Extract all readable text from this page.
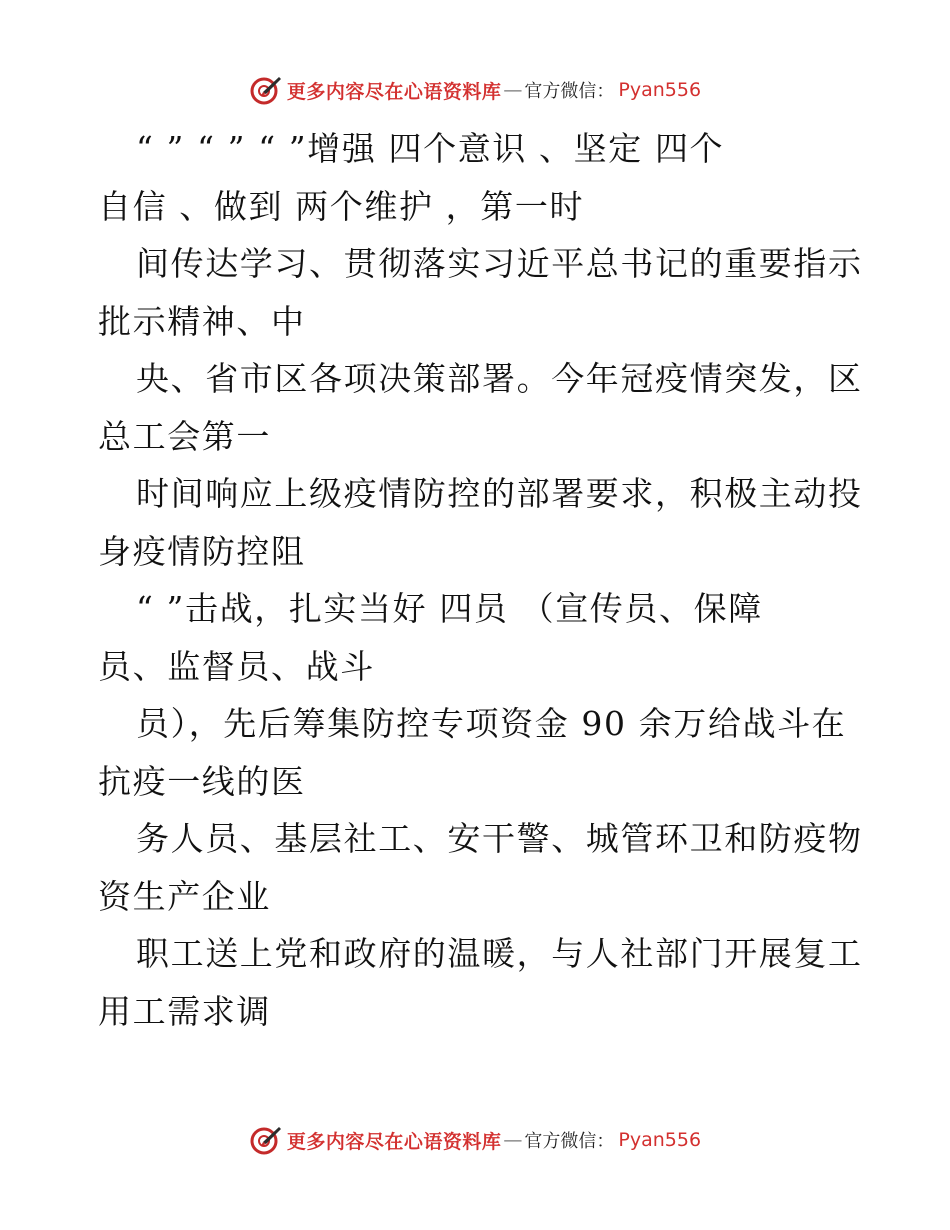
更多内容尽在心语资料库 — 官方微信： Pyan556
“ ” “ ” “ ”增强 四个意识 、坚定 四个
自信 、做到 两个维护 ，第一时
间传达学习、贯彻落实习近平总书记的重要指示
批示精神、中
央、省市区各项决策部署。今年冠疫情突发，区
总工会第一
时间响应上级疫情防控的部署要求，积极主动投
身疫情防控阻
“ ”击战，扎实当好 四员 （宣传员、保障
员、监督员、战斗
员），先后筹集防控专项资金 90 余万给战斗在
抗疫一线的医
务人员、基层社工、安干警、城管环卫和防疫物
资生产企业
职工送上党和政府的温暖，与人社部门开展复工
用工需求调
更多内容尽在心语资料库 — 官方微信： Pyan556
